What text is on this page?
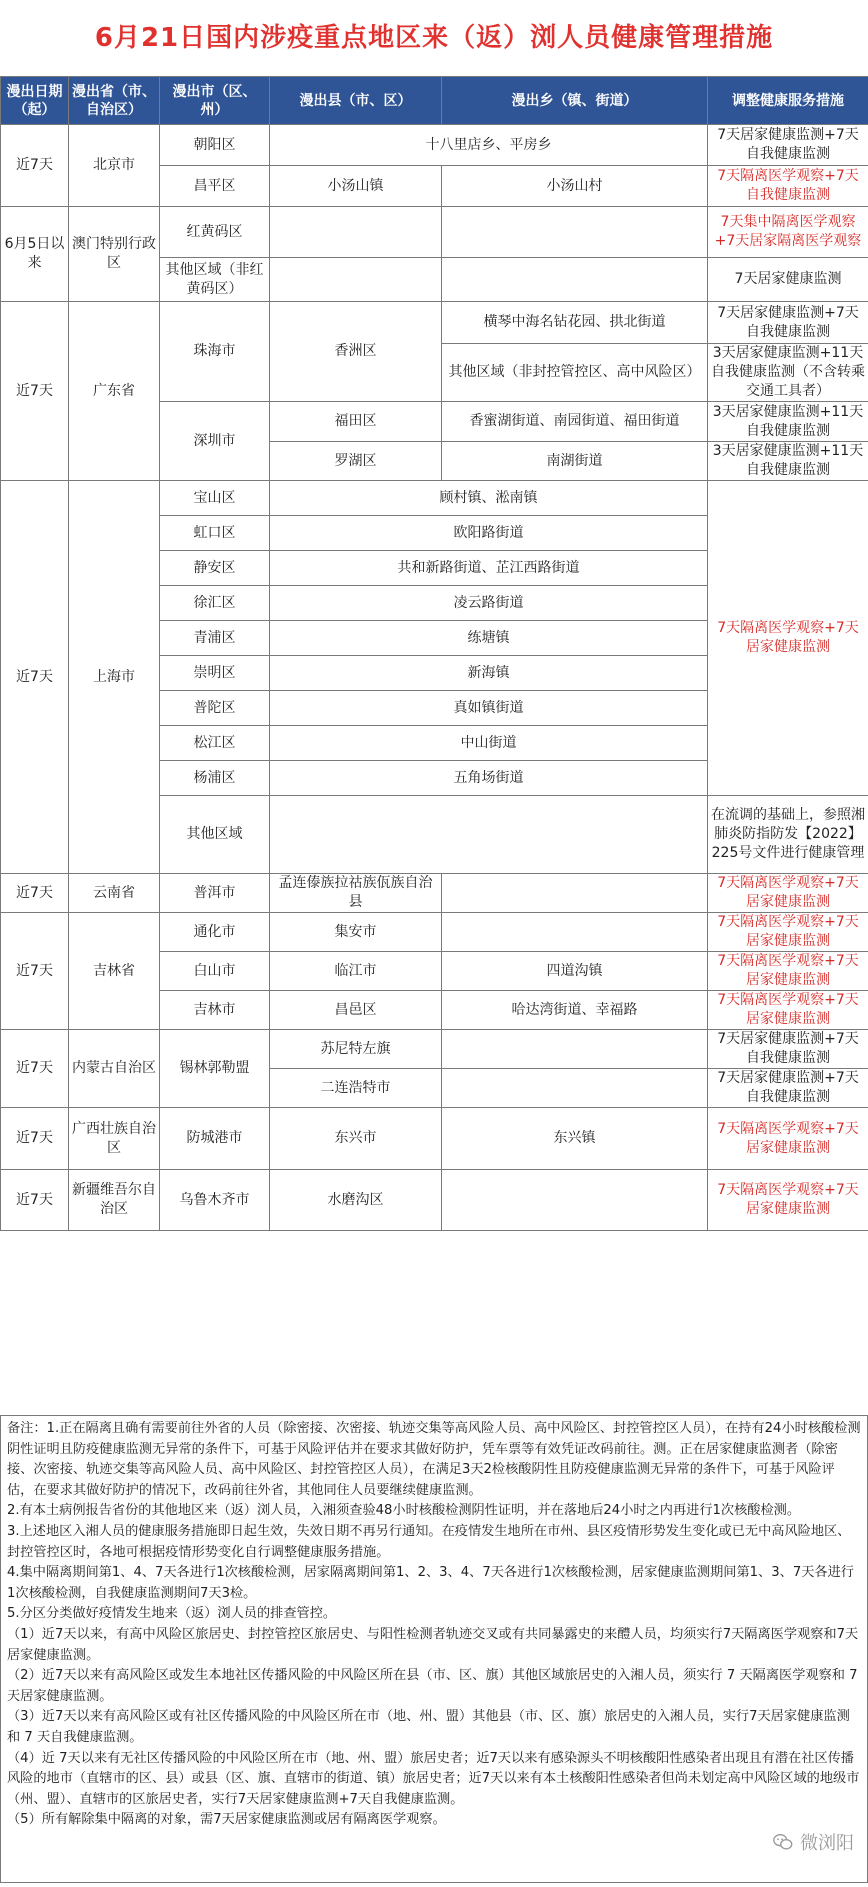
6月21日国内涉疫重点地区来（返）浏人员健康管理措施
漫出日期（起）	漫出省（市、自治区）	漫出市（区、州）	漫出县（市、区）	漫出乡（镇、街道）	调整健康服务措施
近7天	北京市	朝阳区	十八里店乡、平房乡		7天居家健康监测+7天自我健康监测
		昌平区	小汤山镇	小汤山村	7天隔离医学观察+7天自我健康监测
6月5日以来	澳门特别行政区	红黄码区			7天集中隔离医学观察+7天居家隔离医学观察
		其他区域（非红黄码区）			7天居家健康监测
近7天	广东省	珠海市	香洲区	横琴中海名钻花园、拱北街道	7天居家健康监测+7天自我健康监测
				其他区域（非封控管控区、高中风险区）	3天居家健康监测+11天自我健康监测（不含转乘交通工具者）
		深圳市	福田区	香蜜湖街道、南园街道、福田街道	3天居家健康监测+11天自我健康监测
			罗湖区	南湖街道	3天居家健康监测+11天自我健康监测
近7天	上海市	宝山区	顾村镇、淞南镇		7天隔离医学观察+7天居家健康监测
		虹口区	欧阳路街道		
		静安区	共和新路街道、芷江西路街道		
		徐汇区	凌云路街道		
		青浦区	练塘镇		
		崇明区	新海镇		
		普陀区	真如镇街道		
		松江区	中山街道		
		杨浦区	五角场街道		
		其他区域			在流调的基础上，参照湘肺炎防指防发【2022】225号文件进行健康管理
近7天	云南省	普洱市	孟连傣族拉祜族佤族自治县		7天隔离医学观察+7天居家健康监测
近7天	吉林省	通化市	集安市		7天隔离医学观察+7天居家健康监测
		白山市	临江市	四道沟镇	7天隔离医学观察+7天居家健康监测
		吉林市	昌邑区	哈达湾街道、幸福路	7天隔离医学观察+7天居家健康监测
近7天	内蒙古自治区	锡林郭勒盟	苏尼特左旗		7天居家健康监测+7天自我健康监测
			二连浩特市		7天居家健康监测+7天自我健康监测
近7天	广西壮族自治区	防城港市	东兴市	东兴镇	7天隔离医学观察+7天居家健康监测
近7天	新疆维吾尔自治区	乌鲁木齐市	水磨沟区		7天隔离医学观察+7天居家健康监测

备注：1.正在隔离且确有需要前往外省的人员（除密接、次密接、轨迹交集等高风险人员、高中风险区、封控管控区人员），在持有24小时核酸检测阴性证明且防疫健康监测无异常的条件下，可基于风险评估并在要求其做好防护，凭车票等有效凭证改码前往。测。正在居家健康监测者（除密接、次密接、轨迹交集等高风险人员、高中风险区、封控管控区人员），在满足3天2检核酸阴性且防疫健康监测无异常的条件下，可基于风险评估，在要求其做好防护的情况下，改码前往外省，其他同住人员要继续健康监测。

2.有本土病例报告省份的其他地区来（返）浏人员，入湘须查验48小时核酸检测阴性证明，并在落地后24小时之内再进行1次核酸检测。

3.上述地区入湘人员的健康服务措施即日起生效，失效日期不再另行通知。在疫情发生地所在市州、县区疫情形势发生变化或已无中高风险地区、封控管控区时，各地可根据疫情形势变化自行调整健康服务措施。

4.集中隔离期间第1、4、7天各进行1次核酸检测，居家隔离期间第1、2、3、4、7天各进行1次核酸检测，居家健康监测期间第1、3、7天各进行1次核酸检测，自我健康监测期间7天3检。

5.分区分类做好疫情发生地来（返）浏人员的排查管控。

（1）近7天以来，有高中风险区旅居史、封控管控区旅居史、与阳性检测者轨迹交叉或有共同暴露史的来醴人员，均须实行7天隔离医学观察和7天居家健康监测。

（2）近7天以来有高风险区或发生本地社区传播风险的中风险区所在县（市、区、旗）其他区域旅居史的入湘人员，须实行 7 天隔离医学观察和 7 天居家健康监测。

（3）近7天以来有高风险区或有社区传播风险的中风险区所在市（地、州、盟）其他县（市、区、旗）旅居史的入湘人员，实行7天居家健康监测和 7 天自我健康监测。

（4）近 7天以来有无社区传播风险的中风险区所在市（地、州、盟）旅居史者；近7天以来有感染源头不明核酸阳性感染者出现且有潜在社区传播风险的地市（直辖市的区、县）或县（区、旗、直辖市的街道、镇）旅居史者；近7天以来有本土核酸阳性感染者但尚未划定高中风险区域的地级市（州、盟）、直辖市的区旅居史者，实行7天居家健康监测+7天自我健康监测。

（5）所有解除集中隔离的对象，需7天居家健康监测或居有隔离医学观察。

微浏阳
